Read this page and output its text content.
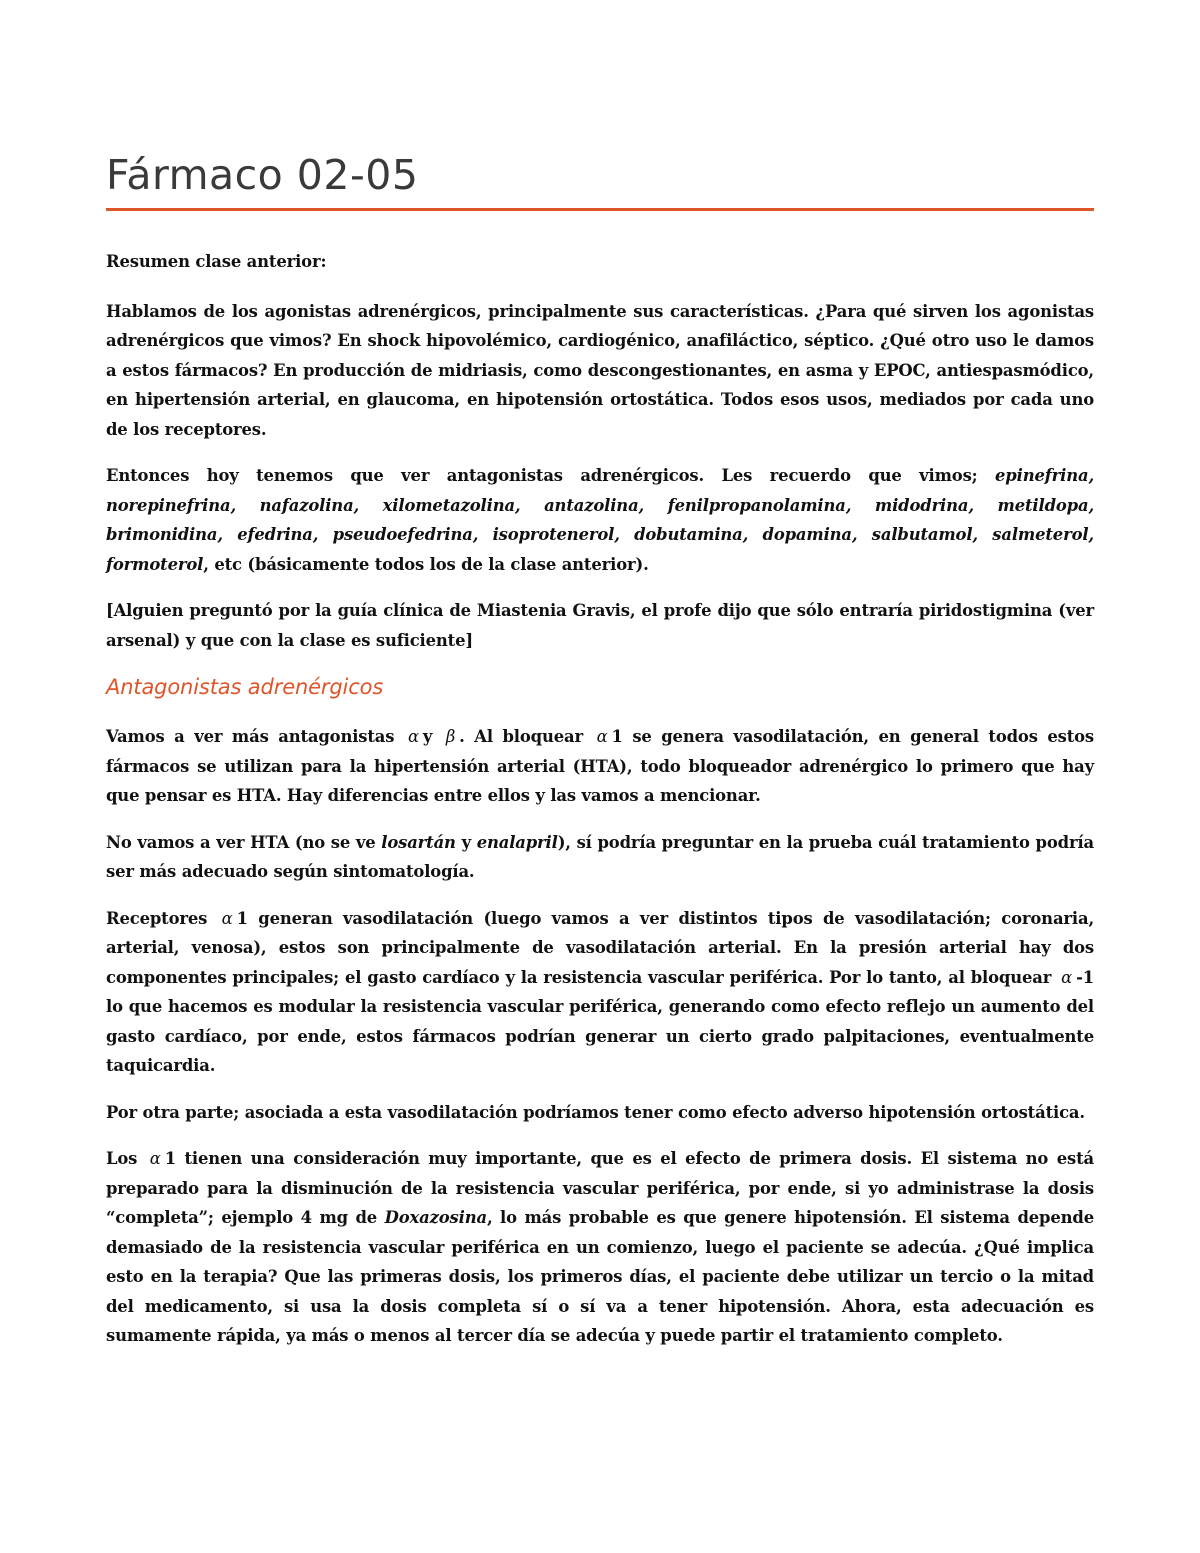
Fármaco 02-05

Resumen clase anterior:

Hablamos de los agonistas adrenérgicos, principalmente sus características. ¿Para qué sirven los agonistas adrenérgicos que vimos? En shock hipovolémico, cardiogénico, anafiláctico, séptico. ¿Qué otro uso le damos a estos fármacos? En producción de midriasis, como descongestionantes, en asma y EPOC, antiespasmódico, en hipertensión arterial, en glaucoma, en hipotensión ortostática. Todos esos usos, mediados por cada uno de los receptores.

Entonces hoy tenemos que ver antagonistas adrenérgicos. Les recuerdo que vimos; epinefrina, norepinefrina, nafazolina, xilometazolina, antazolina, fenilpropanolamina, midodrina, metildopa, brimonidina, efedrina, pseudoefedrina, isoprotenerol, dobutamina, dopamina, salbutamol, salmeterol, formoterol, etc (básicamente todos los de la clase anterior).

[Alguien preguntó por la guía clínica de Miastenia Gravis, el profe dijo que sólo entraría piridostigmina (ver arsenal) y que con la clase es suficiente]

Antagonistas adrenérgicos

Vamos a ver más antagonistas α y β . Al bloquear α 1 se genera vasodilatación, en general todos estos fármacos se utilizan para la hipertensión arterial (HTA), todo bloqueador adrenérgico lo primero que hay que pensar es HTA. Hay diferencias entre ellos y las vamos a mencionar.

No vamos a ver HTA (no se ve losartán y enalapril), sí podría preguntar en la prueba cuál tratamiento podría ser más adecuado según sintomatología.

Receptores α 1 generan vasodilatación (luego vamos a ver distintos tipos de vasodilatación; coronaria, arterial, venosa), estos son principalmente de vasodilatación arterial. En la presión arterial hay dos componentes principales; el gasto cardíaco y la resistencia vascular periférica. Por lo tanto, al bloquear α -1 lo que hacemos es modular la resistencia vascular periférica, generando como efecto reflejo un aumento del gasto cardíaco, por ende, estos fármacos podrían generar un cierto grado palpitaciones, eventualmente taquicardia.

Por otra parte; asociada a esta vasodilatación podríamos tener como efecto adverso hipotensión ortostática.

Los α 1 tienen una consideración muy importante, que es el efecto de primera dosis. El sistema no está preparado para la disminución de la resistencia vascular periférica, por ende, si yo administrase la dosis “completa”; ejemplo 4 mg de Doxazosina, lo más probable es que genere hipotensión. El sistema depende demasiado de la resistencia vascular periférica en un comienzo, luego el paciente se adecúa. ¿Qué implica esto en la terapia? Que las primeras dosis, los primeros días, el paciente debe utilizar un tercio o la mitad del medicamento, si usa la dosis completa sí o sí va a tener hipotensión. Ahora, esta adecuación es sumamente rápida, ya más o menos al tercer día se adecúa y puede partir el tratamiento completo.
